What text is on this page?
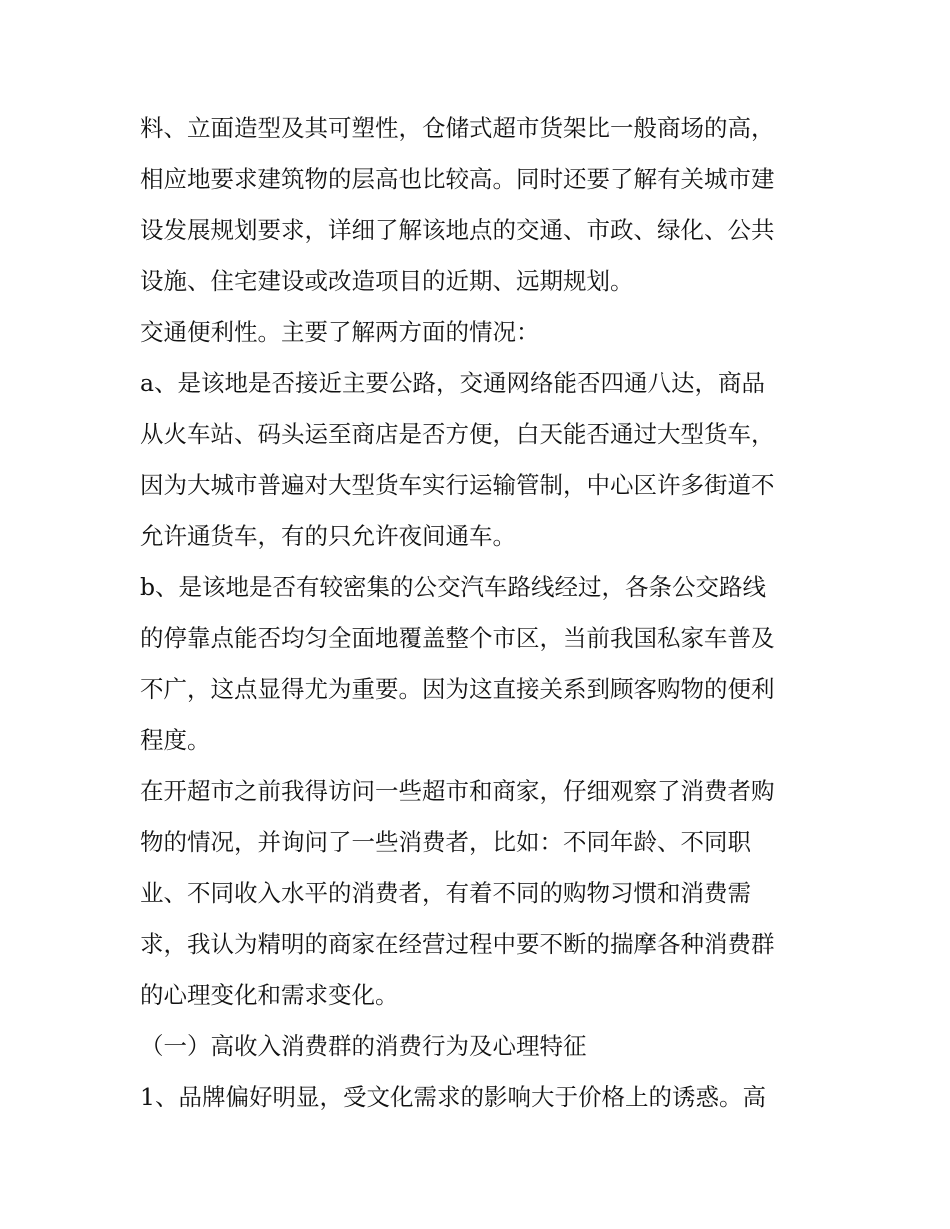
料、立面造型及其可塑性，仓储式超市货架比一般商场的高，
相应地要求建筑物的层高也比较高。同时还要了解有关城市建
设发展规划要求，详细了解该地点的交通、市政、绿化、公共
设施、住宅建设或改造项目的近期、远期规划。
交通便利性。主要了解两方面的情况：
a、是该地是否接近主要公路，交通网络能否四通八达，商品
从火车站、码头运至商店是否方便，白天能否通过大型货车，
因为大城市普遍对大型货车实行运输管制，中心区许多街道不
允许通货车，有的只允许夜间通车。
b、是该地是否有较密集的公交汽车路线经过，各条公交路线
的停靠点能否均匀全面地覆盖整个市区，当前我国私家车普及
不广，这点显得尤为重要。因为这直接关系到顾客购物的便利
程度。
在开超市之前我得访问一些超市和商家，仔细观察了消费者购
物的情况，并询问了一些消费者，比如：不同年龄、不同职
业、不同收入水平的消费者，有着不同的购物习惯和消费需
求，我认为精明的商家在经营过程中要不断的揣摩各种消费群
的心理变化和需求变化。
（一）高收入消费群的消费行为及心理特征
1、品牌偏好明显，受文化需求的影响大于价格上的诱惑。高
